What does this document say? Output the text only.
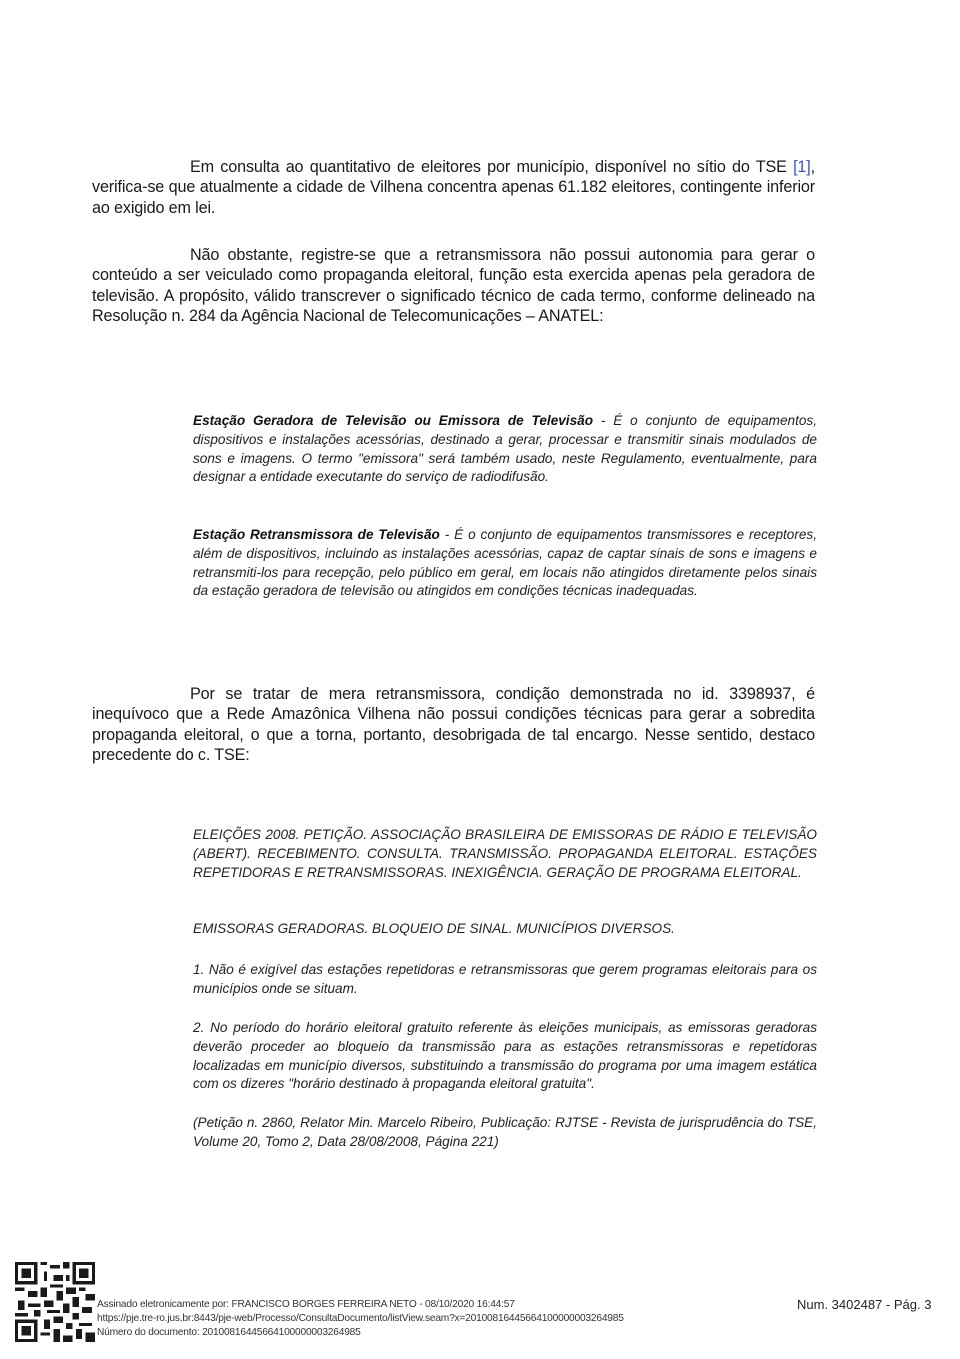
Em consulta ao quantitativo de eleitores por município, disponível no sítio do TSE [1], verifica-se que atualmente a cidade de Vilhena concentra apenas 61.182 eleitores, contingente inferior ao exigido em lei.
Não obstante, registre-se que a retransmissora não possui autonomia para gerar o conteúdo a ser veiculado como propaganda eleitoral, função esta exercida apenas pela geradora de televisão. A propósito, válido transcrever o significado técnico de cada termo, conforme delineado na Resolução n. 284 da Agência Nacional de Telecomunicações – ANATEL:

Estação Geradora de Televisão ou Emissora de Televisão - É o conjunto de equipamentos, dispositivos e instalações acessórias, destinado a gerar, processar e transmitir sinais modulados de sons e imagens. O termo "emissora" será também usado, neste Regulamento, eventualmente, para designar a entidade executante do serviço de radiodifusão.

Estação Retransmissora de Televisão - É o conjunto de equipamentos transmissores e receptores, além de dispositivos, incluindo as instalações acessórias, capaz de captar sinais de sons e imagens e retransmiti-los para recepção, pelo público em geral, em locais não atingidos diretamente pelos sinais da estação geradora de televisão ou atingidos em condições técnicas inadequadas.

Por se tratar de mera retransmissora, condição demonstrada no id. 3398937, é inequívoco que a Rede Amazônica Vilhena não possui condições técnicas para gerar a sobredita propaganda eleitoral, o que a torna, portanto, desobrigada de tal encargo. Nesse sentido, destaco precedente do c. TSE:

ELEIÇÕES 2008. PETIÇÃO. ASSOCIAÇÃO BRASILEIRA DE EMISSORAS DE RÁDIO E TELEVISÃO (ABERT). RECEBIMENTO. CONSULTA. TRANSMISSÃO. PROPAGANDA ELEITORAL. ESTAÇÕES REPETIDORAS E RETRANSMISSORAS. INEXIGÊNCIA. GERAÇÃO DE PROGRAMA ELEITORAL.

EMISSORAS GERADORAS. BLOQUEIO DE SINAL. MUNICÍPIOS DIVERSOS.

1. Não é exigível das estações repetidoras e retransmissoras que gerem programas eleitorais para os municípios onde se situam.

2. No período do horário eleitoral gratuito referente às eleições municipais, as emissoras geradoras deverão proceder ao bloqueio da transmissão para as estações retransmissoras e repetidoras localizadas em município diversos, substituindo a transmissão do programa por uma imagem estática com os dizeres "horário destinado à propaganda eleitoral gratuita".

(Petição n. 2860, Relator Min. Marcelo Ribeiro, Publicação: RJTSE - Revista de jurisprudência do TSE, Volume 20, Tomo 2, Data 28/08/2008, Página 221)

Assinado eletronicamente por: FRANCISCO BORGES FERREIRA NETO - 08/10/2020 16:44:57
https://pje.tre-ro.jus.br:8443/pje-web/Processo/ConsultaDocumento/listView.seam?x=20100816445664100000003264985
Número do documento: 20100816445664100000003264985
Num. 3402487 - Pág. 3
